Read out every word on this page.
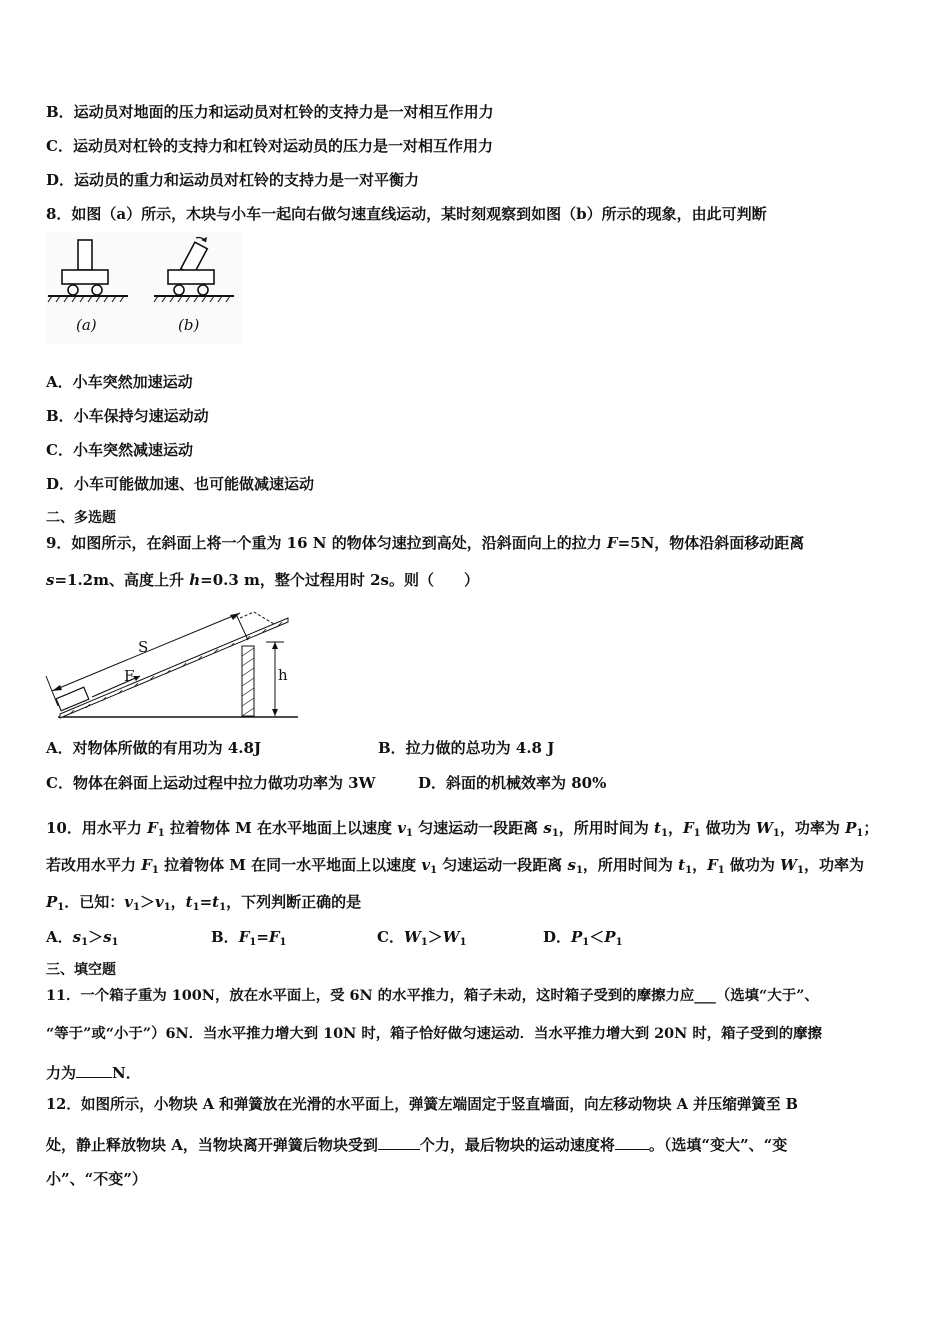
B．运动员对地面的压力和运动员对杠铃的支持力是一对相互作用力
C．运动员对杠铃的支持力和杠铃对运动员的压力是一对相互作用力
D．运动员的重力和运动员对杠铃的支持力是一对平衡力
8．如图（a）所示，木块与小车一起向右做匀速直线运动，某时刻观察到如图（b）所示的现象，由此可判断
(a)	(b)
A．小车突然加速运动
B．小车保持匀速运动动
C．小车突然减速运动
D．小车可能做加速、也可能做减速运动
二、多选题
9．如图所示，在斜面上将一个重为 16 N 的物体匀速拉到高处，沿斜面向上的拉力 F=5N，物体沿斜面移动距离
s=1.2m、高度上升 h=0.3 m，整个过程用时 2s。则（　　）
S
F	h
A．对物体所做的有用功为 4.8J	B．拉力做的总功为 4.8 J
C．物体在斜面上运动过程中拉力做功功率为 3W	D．斜面的机械效率为 80%
10．用水平力 $F_1$ 拉着物体 M 在水平地面上以速度 $v_1$ 匀速运动一段距离 $s_1$，所用时间为 $t_1$，$F_1$ 做功为 $W_1$，功率为 $P_1$；
若改用水平力 $F_1$ 拉着物体 M 在同一水平地面上以速度 $v_1$ 匀速运动一段距离 $s_1$，所用时间为 $t_1$，$F_1$ 做功为 $W_1$，功率为
$P_1$．已知：$v_1>v_1$，$t_1=t_1$，下列判断正确的是
A．$s_1>s_1$	B．$F_1=F_1$	C．$W_1>W_1$	D．$P_1<P_1$
三、填空题
11．一个箱子重为 100N，放在水平面上，受 6N 的水平推力，箱子未动，这时箱子受到的摩擦力应___（选填“大于”、
“等于”或“小于”）6N．当水平推力增大到 10N 时，箱子恰好做匀速运动．当水平推力增大到 20N 时，箱子受到的摩擦
力为 N．
12．如图所示，小物块 A 和弹簧放在光滑的水平面上，弹簧左端固定于竖直墙面，向左移动物块 A 并压缩弹簧至 B
处，静止释放物块 A，当物块离开弹簧后物块受到	个力，最后物块的运动速度将 。（选填“变大”、“变
小”、“不变”）
